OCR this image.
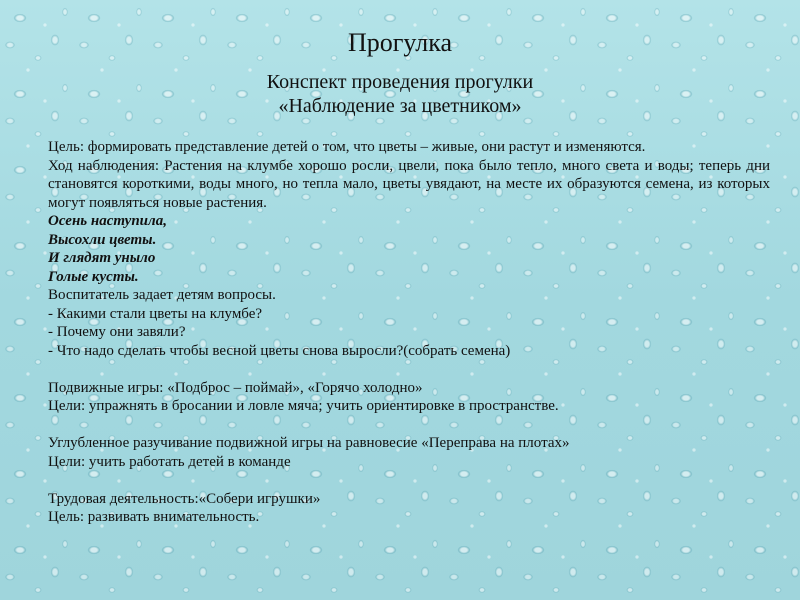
Прогулка
Конспект проведения прогулки
«Наблюдение за цветником»

Цель: формировать представление детей о том, что цветы – живые, они растут и изменяются.

Ход наблюдения: Растения на клумбе хорошо росли, цвели, пока было тепло, много света и воды; теперь дни становятся короткими, воды много, но тепла мало, цветы увядают, на месте их образуются семена, из которых могут появляться новые растения.

Осень наступила,

Высохли цветы.

И глядят уныло

Голые кусты.

Воспитатель задает детям вопросы.

- Какими стали цветы на клумбе?

- Почему они завяли?

- Что надо сделать чтобы весной цветы снова выросли?(собрать семена)

Подвижные игры: «Подброс – поймай», «Горячо холодно»

Цели: упражнять в бросании и ловле мяча; учить ориентировке в пространстве.

Углубленное разучивание подвижной игры на равновесие «Переправа на плотах»

Цели: учить работать детей в команде

Трудовая деятельность:«Собери игрушки»

Цель: развивать внимательность.
